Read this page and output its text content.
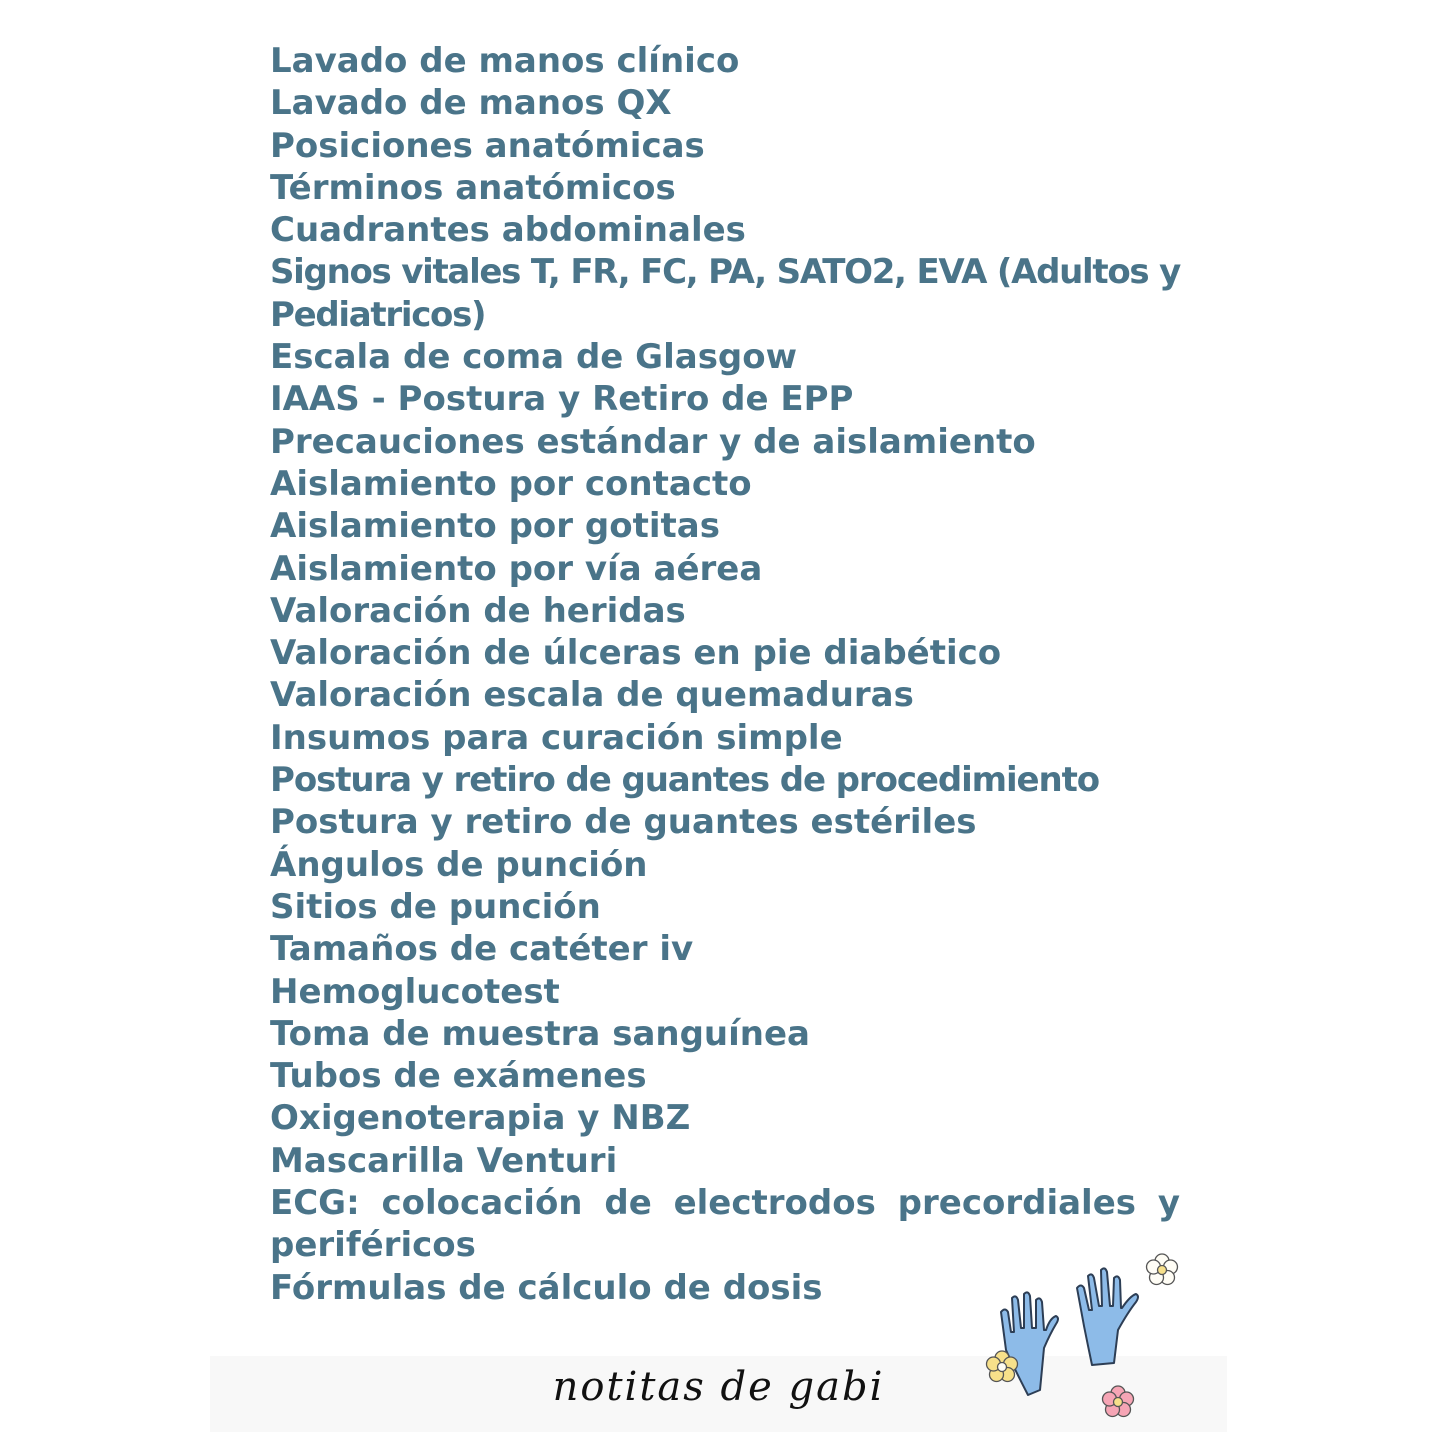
Lavado de manos clínico
Lavado de manos QX
Posiciones anatómicas
Términos anatómicos
Cuadrantes abdominales
Signos vitales T, FR, FC, PA, SATO2, EVA (Adultos y Pediatricos)
Escala de coma de Glasgow
IAAS - Postura y Retiro de EPP
Precauciones estándar y de aislamiento
Aislamiento por contacto
Aislamiento por gotitas
Aislamiento por vía aérea
Valoración de heridas
Valoración de úlceras en pie diabético
Valoración escala de quemaduras
Insumos para curación simple
Postura y retiro de guantes de procedimiento
Postura y retiro de guantes estériles
Ángulos de punción
Sitios de punción
Tamaños de catéter iv
Hemoglucotest
Toma de muestra sanguínea
Tubos de exámenes
Oxigenoterapia y NBZ
Mascarilla Venturi
ECG: colocación de electrodos precordiales y periféricos
Fórmulas de cálculo de dosis
notitas de gabi
